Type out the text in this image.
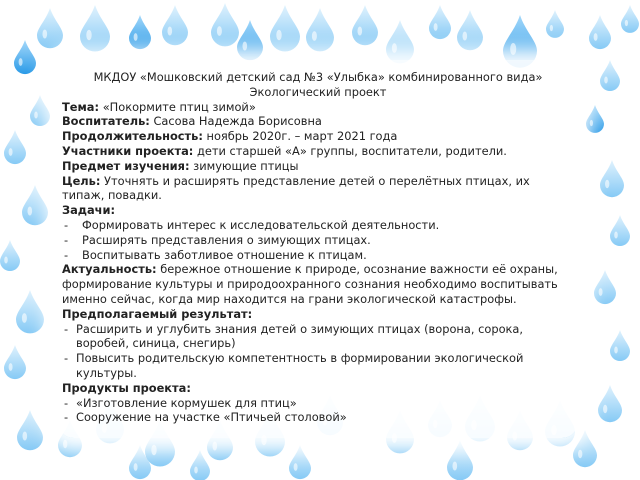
МКДОУ «Мошковский детский сад №3 «Улыбка» комбинированного вида»
Экологический проект
Тема: «Покормите птиц зимой»
Воспитатель: Сасова Надежда Борисовна
Продолжительность: ноябрь 2020г. – март 2021 года
Участники проекта: дети старшей «А» группы, воспитатели, родители.
Предмет изучения: зимующие птицы
Цель: Уточнять и расширять представление детей о перелётных птицах, их типаж, повадки.
Задачи:
- Формировать интерес к исследовательской деятельности.
- Расширять представления о зимующих птицах.
- Воспитывать заботливое отношение к птицам.
Актуальность: бережное отношение к природе, осознание важности её охраны, формирование культуры и природоохранного сознания необходимо воспитывать именно сейчас, когда мир находится на грани экологической катастрофы.
Предполагаемый результат:
- Расширить и углубить знания детей о зимующих птицах (ворона, сорока, воробей, синица, снегирь)
- Повысить родительскую компетентность в формировании экологической культуры.
Продукты проекта:
- «Изготовление кормушек для птиц»
- Сооружение на участке «Птичьей столовой»
